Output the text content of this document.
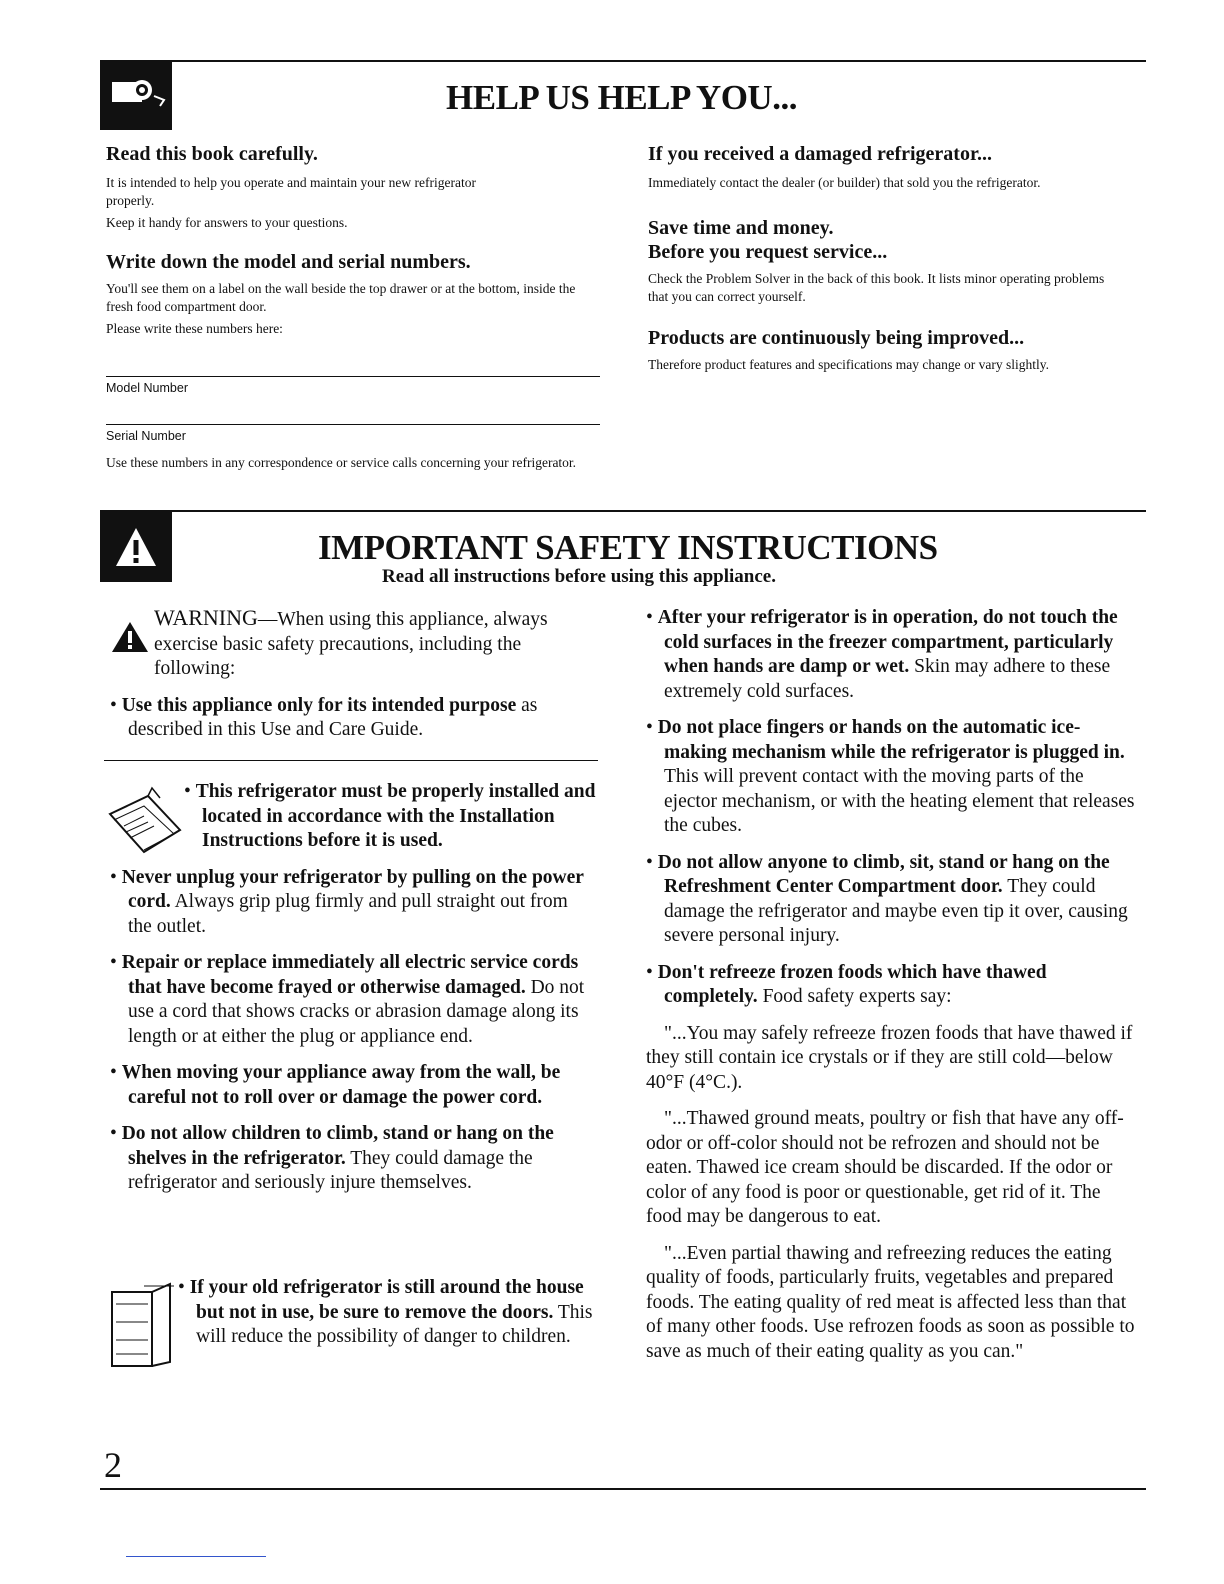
HELP US HELP YOU...

Read this book carefully.

It is intended to help you operate and maintain your new refrigerator properly.

Keep it handy for answers to your questions.

Write down the model and serial numbers.

You'll see them on a label on the wall beside the top drawer or at the bottom, inside the fresh food compartment door.

Please write these numbers here:

Model Number
Serial Number

Use these numbers in any correspondence or service calls concerning your refrigerator.

If you received a damaged refrigerator...

Immediately contact the dealer (or builder) that sold you the refrigerator.

Save time and money.

Before you request service...

Check the Problem Solver in the back of this book. It lists minor operating problems that you can correct yourself.

Products are continuously being improved...

Therefore product features and specifications may change or vary slightly.

IMPORTANT SAFETY INSTRUCTIONS
Read all instructions before using this appliance.
WARNING—When using this appliance, always exercise basic safety precautions, including the following:

• Use this appliance only for its intended purpose as described in this Use and Care Guide.

• This refrigerator must be properly installed and located in accordance with the Installation Instructions before it is used.

• Never unplug your refrigerator by pulling on the power cord. Always grip plug firmly and pull straight out from the outlet.

• Repair or replace immediately all electric service cords that have become frayed or otherwise damaged. Do not use a cord that shows cracks or abrasion damage along its length or at either the plug or appliance end.

• When moving your appliance away from the wall, be careful not to roll over or damage the power cord.

• Do not allow children to climb, stand or hang on the shelves in the refrigerator. They could damage the refrigerator and seriously injure themselves.

• If your old refrigerator is still around the house but not in use, be sure to remove the doors. This will reduce the possibility of danger to children.

• After your refrigerator is in operation, do not touch the cold surfaces in the freezer compartment, particularly when hands are damp or wet. Skin may adhere to these extremely cold surfaces.

• Do not place fingers or hands on the automatic ice-making mechanism while the refrigerator is plugged in. This will prevent contact with the moving parts of the ejector mechanism, or with the heating element that releases the cubes.

• Do not allow anyone to climb, sit, stand or hang on the Refreshment Center Compartment door. They could damage the refrigerator and maybe even tip it over, causing severe personal injury.

• Don't refreeze frozen foods which have thawed completely. Food safety experts say:

"...You may safely refreeze frozen foods that have thawed if they still contain ice crystals or if they are still cold—below 40°F (4°C.).

"...Thawed ground meats, poultry or fish that have any off-odor or off-color should not be refrozen and should not be eaten. Thawed ice cream should be discarded. If the odor or color of any food is poor or questionable, get rid of it. The food may be dangerous to eat.

"...Even partial thawing and refreezing reduces the eating quality of foods, particularly fruits, vegetables and prepared foods. The eating quality of red meat is affected less than that of many other foods. Use refrozen foods as soon as possible to save as much of their eating quality as you can."

2
